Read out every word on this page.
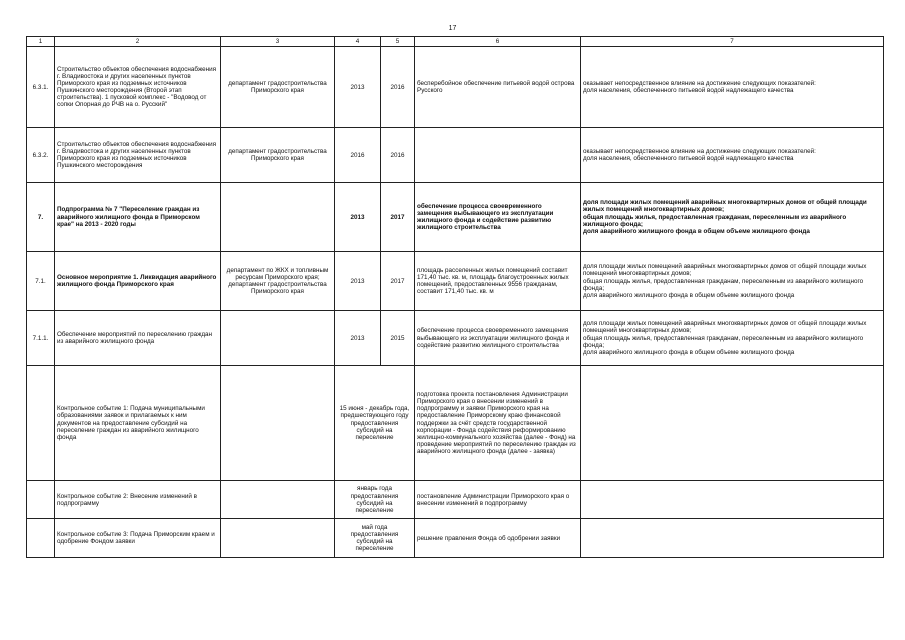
17
1	2	3	4	5	6	7
6.3.1.	Строительство объектов обеспечения водоснабжения г. Владивостока и других населенных пунктов Приморского края из подземных источников Пушкинского месторождения (Второй этап строительства). 1 пусковой комплекс - "Водовод от сопки Опорная до РЧВ на о. Русский"	департамент градостроительства Приморского края	2013	2016	бесперебойное обеспечение питьевой водой острова Русского	оказывает непосредственное влияние на достижение следующих показателей:
доля населения, обеспеченного питьевой водой надлежащего качества
6.3.2.	Строительство объектов обеспечения водоснабжения г. Владивостока и других населенных пунктов Приморского края из подземных источников Пушкинского месторождения	департамент градостроительства Приморского края	2016	2016		оказывает непосредственное влияние на достижение следующих показателей:
доля населения, обеспеченного питьевой водой надлежащего качества
7.	Подпрограмма № 7 "Переселение граждан из аварийного жилищного фонда в Приморском крае" на 2013 - 2020 годы		2013	2017	обеспечение процесса своевременного замещения выбывающего из эксплуатации жилищного фонда и содействие развитию жилищного строительства	доля площади жилых помещений аварийных многоквартирных домов от общей площади жилых помещений многоквартирных домов;
общая площадь жилья, предоставленная гражданам, переселенным из аварийного жилищного фонда;
доля аварийного жилищного фонда в общем объеме жилищного фонда
7.1.	Основное мероприятие 1. Ликвидация аварийного жилищного фонда Приморского края	департамент по ЖКХ и топливным ресурсам Приморского края;
департамент градостроительства Приморского края	2013	2017	площадь расселенных жилых помещений составит 171,40 тыс. кв. м, площадь благоустроенных жилых помещений, предоставленных 9556 гражданам, составит 171,40 тыс. кв. м	доля площади жилых помещений аварийных многоквартирных домов от общей площади жилых помещений многоквартирных домов;
общая площадь жилья, предоставленная гражданам, переселенным из аварийного жилищного фонда;
доля аварийного жилищного фонда в общем объеме жилищного фонда
7.1.1.	Обеспечение мероприятий по переселению граждан из аварийного жилищного фонда		2013	2015	обеспечение процесса своевременного замещения выбывающего из эксплуатации жилищного фонда и содействие развитию жилищного строительства	доля площади жилых помещений аварийных многоквартирных домов от общей площади жилых помещений многоквартирных домов;
общая площадь жилья, предоставленная гражданам, переселенным из аварийного жилищного фонда;
доля аварийного жилищного фонда в общем объеме жилищного фонда
	Контрольное событие 1: Подача муниципальными образованиями заявок и прилагаемых к ним документов на предоставление субсидий на переселение граждан из аварийного жилищного фонда		15 июня - декабрь года, предшествующего году предоставления субсидий на переселение		подготовка проекта постановления Администрации Приморского края о внесении изменений в подпрограмму и заявки Приморского края на предоставление Приморскому краю финансовой поддержки за счёт средств государственной корпорации - Фонда содействия реформированию жилищно-коммунального хозяйства (далее - Фонд) на проведение мероприятий по переселению граждан из аварийного жилищного фонда (далее - заявка)	
	Контрольное событие 2: Внесение изменений в подпрограмму		январь года предоставления субсидий на переселение		постановление Администрации Приморского края о внесении изменений в подпрограмму	
	Контрольное событие 3: Подача Приморским краем и одобрение Фондом заявки		май года предоставления субсидий на переселение		решение правления Фонда об одобрении заявки	
